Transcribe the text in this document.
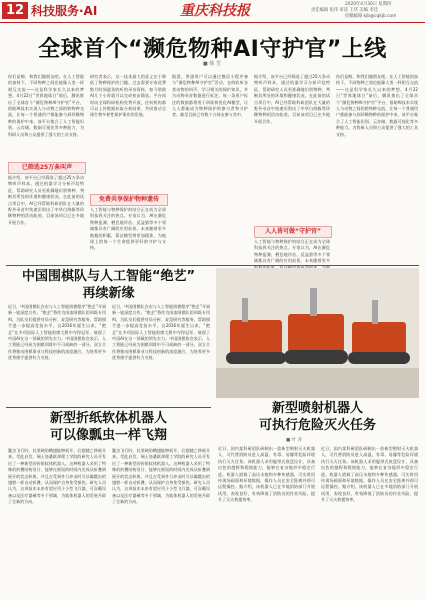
12 科技服务·AI	重庆科技报	2020年4月30日 星期四
责任编辑 张伟 审读 王华 美编 李佳
投稿邮箱 kjb@cqkjb.com
全球首个“濒危物种AI守护官”上线
■ 韩 雪
你们是鲸、和我们做朋友吧。在人工智能的加持下，不同物种之间也能像人类一样相互交流——这是科学家长久以来的梦想。4月22日“世界地球日”前后，腾讯推出了全球首个“濒危物种AI守护官”平台，借助AI技术实现人与动物之间的跨物种交流，让每一个普通用户都能参与到珍稀物种的保护中来。该平台集合了人工智能识别、云存储、数据可视化等多种能力，为科研人员和公众提供了强大的工具支持。
已筛选25万条叫声
据介绍，该平台已经筛选了超过25万条动物叫声样本，通过机器学习分析声纹特征，帮助研究人员更准确地识别物种、判断其所处的环境和健康状况。在此前的试点项目中，AI已经帮助科研团队在大量的野外录音中快速识别出了中华白海豚等珍稀物种的活动轨迹。目前该项目已在多地开展合作。
研究者表示，这一技术最大的意义在于降低了物种保护的门槛。过去需要专家花费数月时间逐条收听的录音资料，如今借助AI几个小时就可以完成初步筛选。平台同时向全球科研机构免费开放，任何机构都可以上传数据获取分析结果，共同推动全球生物多样性保护事业的发展。
免费共享保护物种遗传
人工智能与物种保护的结合正在成为全球科技界关注的热点。专家认为，AI在濒危物种监测、栖息地评估、反盗猎等多个领域都具有广阔的应用前景。未来随着更多数据的积累，算法模型将更加精准，为地球上的每一个生命提供更好的守护与支持。
据悉，普通用户可以通过微信小程序参与“濒危物种AI守护官”活动，在线收听各类动物的叫声，学习相关的保护知识，并为动物录音数据进行标注。每一条用户标注的数据都将用于训练和优化AI模型，让人人都能成为物种保护的参与者和守护者。截至目前已有数十万网友参与其中。
据介绍，该平台已经筛选了超过25万条动物叫声样本，通过机器学习分析声纹特征，帮助研究人员更准确地识别物种、判断其所处的环境和健康状况。在此前的试点项目中，AI已经帮助科研团队在大量的野外录音中快速识别出了中华白海豚等珍稀物种的活动轨迹。目前该项目已在多地开展合作。
人人皆可做“守护官”
人工智能与物种保护的结合正在成为全球科技界关注的热点。专家认为，AI在濒危物种监测、栖息地评估、反盗猎等多个领域都具有广阔的应用前景。未来随着更多
你们是鲸、和我们做朋友吧。在人工智能的加持下，不同物种之间也能像人类一样相互交流——这是科学家长久以来的梦想。4月22日“世界地球日”前后，腾讯推出了全球首个“濒危物种AI守护官”平台，借助AI技术实现人与动物之间的跨物种交流，让每一个普通用户都能参与到珍稀物种的保护中来。该平台集合了人工智能识别、云存储、数据可视化等多种能力，为科研人员和公众提供了强大的工具支持。
中国围棋队与人工智能“绝艺”
再续新缘
近日，中国围棋队宣布与人工智能围棋程序“绝艺”开展新一轮深度合作。“绝艺”将作为国家围棋队的训练专用AI，为队员们提供对局分析、复盘研究等服务，帮助棋手进一步提高竞技水平。自2016年诞生以来，“绝艺”在多项国际人工智能围棋大赛中夺得冠军，展现了中国AI在这一领域的领先实力。中国围棋协会表示，人工智能已经成为围棋训练中不可或缺的一部分，双方合作将推动围棋事业与科技创新的深度融合，为培养更多优秀棋手提供有力支持。
近日，中国围棋队宣布与人工智能围棋程序“绝艺”开展新一轮深度合作。“绝艺”将作为国家围棋队的训练专用AI，为队员们提供对局分析、复盘研究等服务，帮助棋手进一步提高竞技水平。自2016年诞生以来，“绝艺”在多项国际人工智能围棋大赛中夺得冠军，展现了中国AI在这一领域的领先实力。中国围棋协会表示，人工智能已经成为围棋训练中不可或缺的一部分，双方合作将推动围棋事业与科技创新的深度融合，为培养更多优秀棋手提供有力支持。
新型折纸软体机器人
可以像瓢虫一样飞翔
瓢虫飞行时，其坚硬的鞘翅能够展开，后翅随之伸展开来。受此启发，瑞士洛桑联邦理工学院的研究人员开发出了一种新型的折纸软体机器人。这种机器人采用了特殊的折叠结构设计，能够在极短的时间内完成从折叠到展开的状态转换，并且在受到外力冲击时可以像瓢虫的翅膀一样自动折叠，从而保护自身免受损伤。研究人员认为，这项技术未来有望应用于小型飞行器、可穿戴设备以及医疗器械等多个领域，为软体机器人的发展开辟了全新的方向。
瓢虫飞行时，其坚硬的鞘翅能够展开，后翅随之伸展开来。受此启发，瑞士洛桑联邦理工学院的研究人员开发出了一种新型的折纸软体机器人。这种机器人采用了特殊的折叠结构设计，能够在极短的时间内完成从折叠到展开的状态转换，并且在受到外力冲击时可以像瓢虫的翅膀一样自动折叠，从而保护自身免受损伤。研究人员认为，这项技术未来有望应用于小型飞行器、可穿戴设备以及医疗器械等多个领域，为软体机器人的发展开辟了全新的方向。
新型喷射机器人
可执行危险灭火任务
■ 叶 青
近日，国内某科研团队研制出一款新型喷射灭火机器人，可代替消防员进入高温、有毒、易爆等危险环境执行灭火任务。该机器人采用履带式底盘设计，具备出色的越野和爬坡能力，能够在复杂地形中稳定行进。机器人搭载了高压水炮和多种传感器，可实时回传现场画面和环境数据，操作人员在安全距离外即可远程操控。据介绍，该机器人已在多地消防部门开展试用，表现良好，有效降低了消防员的作业风险，提升了灭火救援效率。
近日，国内某科研团队研制出一款新型喷射灭火机器人，可代替消防员进入高温、有毒、易爆等危险环境执行灭火任务。该机器人采用履带式底盘设计，具备出色的越野和爬坡能力，能够在复杂地形中稳定行进。机器人搭载了高压水炮和多种传感器，可实时回传现场画面和环境数据，操作人员在安全距离外即可远程操控。据介绍，该机器人已在多地消防部门开展试用，表现良好，有效降低了消防员的作业风险，提升了灭火救援效率。
